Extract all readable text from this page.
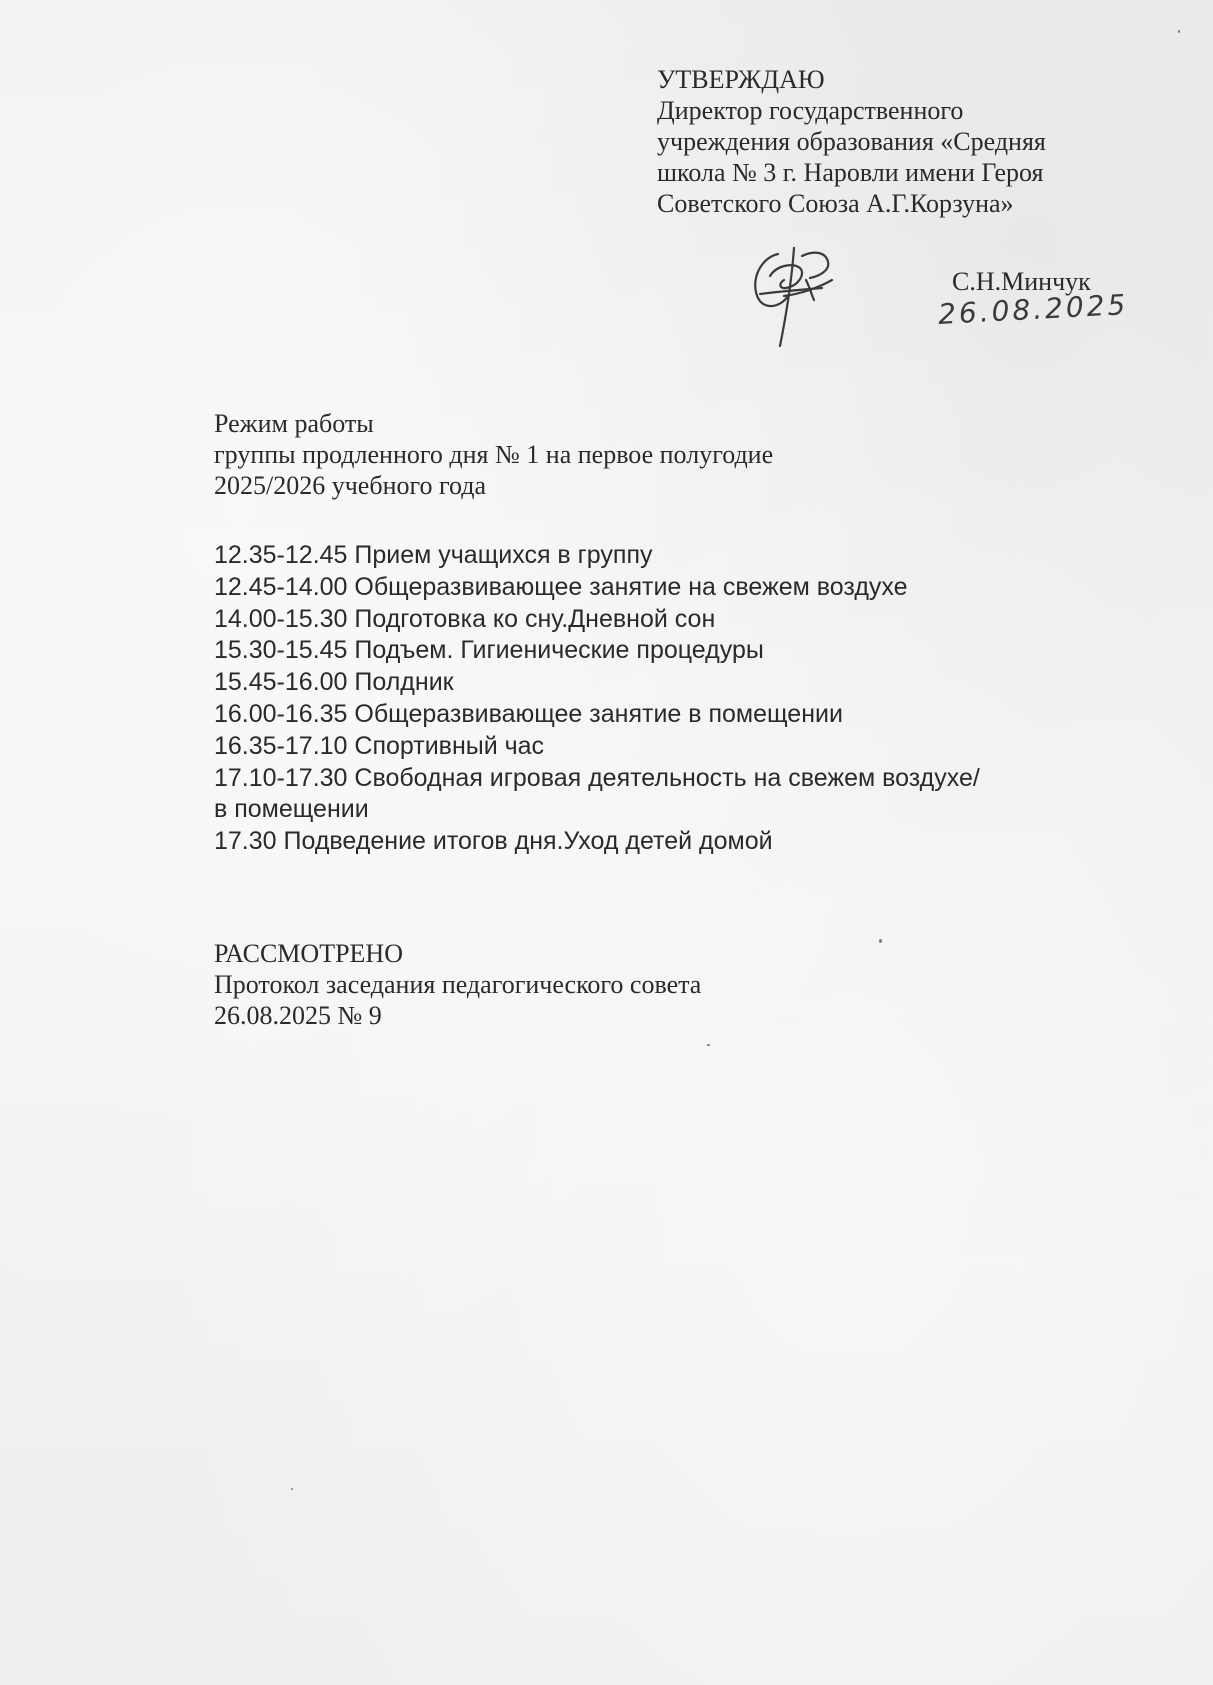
УТВЕРЖДАЮ
Директор государственного
учреждения образования «Средняя
школа № 3 г. Наровли имени Героя
Советского Союза А.Г.Корзуна»
С.Н.Минчук
26.08.2025
Режим работы
группы продленного дня № 1 на первое полугодие
2025/2026 учебного года
12.35-12.45 Прием учащихся в группу
12.45-14.00 Общеразвивающее занятие на свежем воздухе
14.00-15.30 Подготовка ко сну.Дневной сон
15.30-15.45 Подъем. Гигиенические процедуры
15.45-16.00 Полдник
16.00-16.35 Общеразвивающее занятие в помещении
16.35-17.10 Спортивный час
17.10-17.30 Свободная игровая деятельность на свежем воздухе/
в помещении
17.30 Подведение итогов дня.Уход детей домой
РАССМОТРЕНО
Протокол заседания педагогического совета
26.08.2025 № 9
